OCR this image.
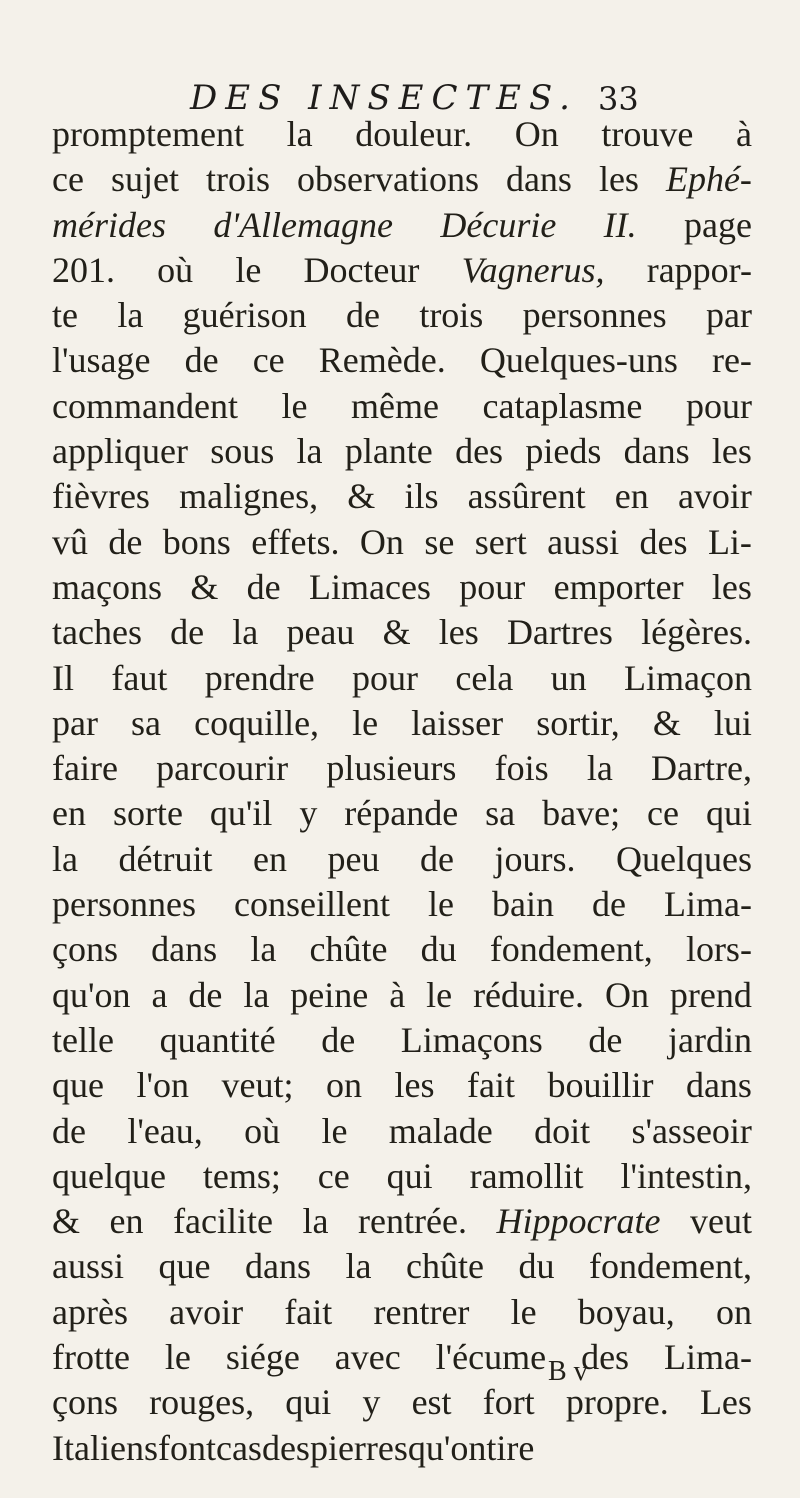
DES INSECTES. 33
promptement la douleur. On trouve à
ce sujet trois observations dans les Ephé-
mérides d'Allemagne Décurie II. page
201. où le Docteur Vagnerus, rappor-
te la guérison de trois personnes par
l'usage de ce Remède. Quelques-uns re-
commandent le même cataplasme pour
appliquer sous la plante des pieds dans les
fièvres malignes, & ils assûrent en avoir
vû de bons effets. On se sert aussi des Li-
maçons & de Limaces pour emporter les
taches de la peau & les Dartres légères.
Il faut prendre pour cela un Limaçon
par sa coquille, le laisser sortir, & lui
faire parcourir plusieurs fois la Dartre,
en sorte qu'il y répande sa bave; ce qui
la détruit en peu de jours. Quelques
personnes conseillent le bain de Lima-
çons dans la chûte du fondement, lors-
qu'on a de la peine à le réduire. On prend
telle quantité de Limaçons de jardin
que l'on veut; on les fait bouillir dans
de l'eau, où le malade doit s'asseoir
quelque tems; ce qui ramollit l'intestin,
& en facilite la rentrée. Hippocrate veut
aussi que dans la chûte du fondement,
après avoir fait rentrer le boyau, on
frotte le siége avec l'écume des Lima-
çons rouges, qui y est fort propre. Les
Italiens font cas des pierres qu'on tire
B v
